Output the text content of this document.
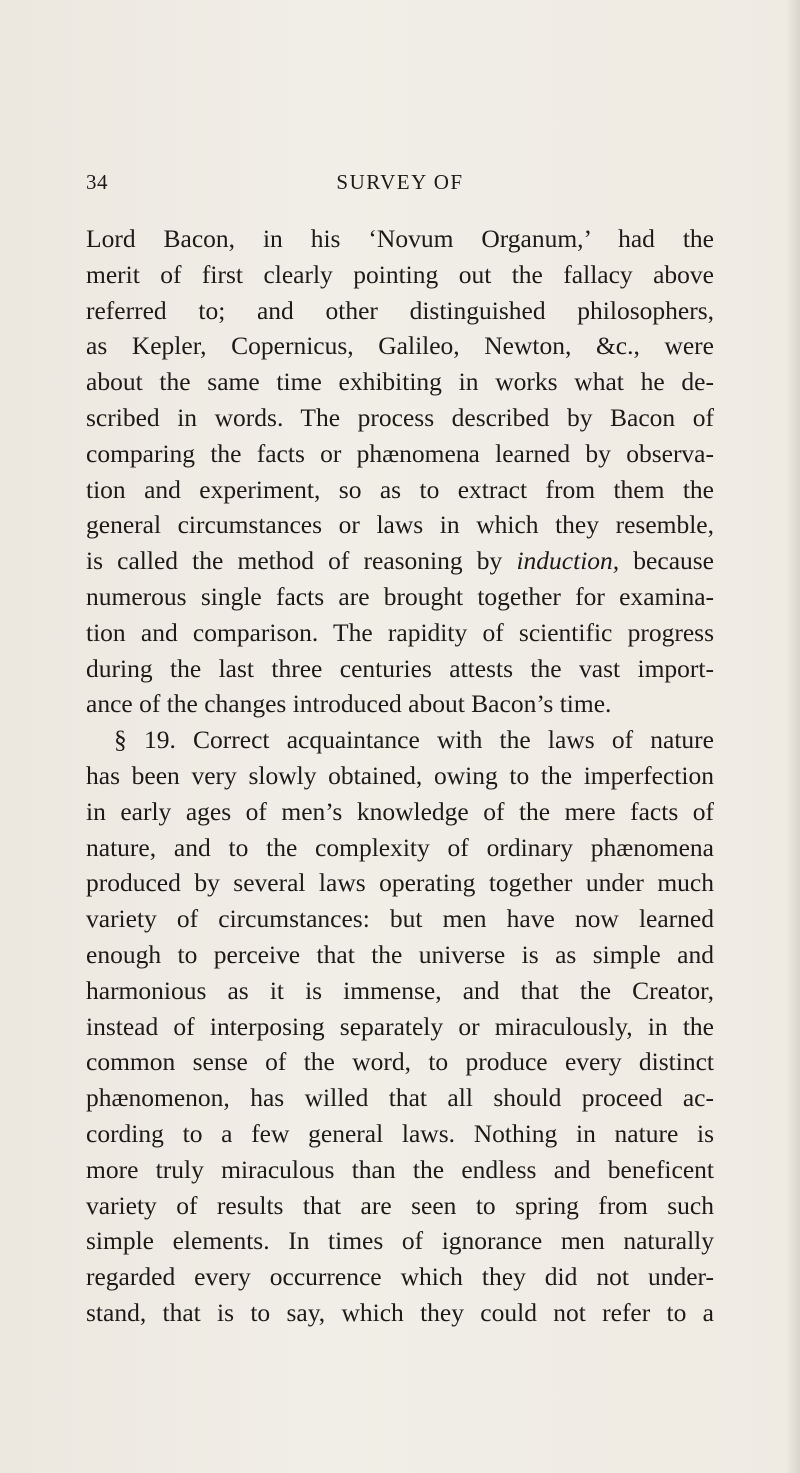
34	SURVEY OF
Lord Bacon, in his ‘Novum Organum,’ had the
merit of first clearly pointing out the fallacy above
referred to; and other distinguished philosophers,
as Kepler, Copernicus, Galileo, Newton, &c., were
about the same time exhibiting in works what he de-
scribed in words. The process described by Bacon of
comparing the facts or phænomena learned by observa-
tion and experiment, so as to extract from them the
general circumstances or laws in which they resemble,
is called the method of reasoning by induction, because
numerous single facts are brought together for examina-
tion and comparison. The rapidity of scientific progress
during the last three centuries attests the vast import-
ance of the changes introduced about Bacon’s time.
§ 19. Correct acquaintance with the laws of nature
has been very slowly obtained, owing to the imperfection
in early ages of men’s knowledge of the mere facts of
nature, and to the complexity of ordinary phænomena
produced by several laws operating together under much
variety of circumstances: but men have now learned
enough to perceive that the universe is as simple and
harmonious as it is immense, and that the Creator,
instead of interposing separately or miraculously, in the
common sense of the word, to produce every distinct
phænomenon, has willed that all should proceed ac-
cording to a few general laws. Nothing in nature is
more truly miraculous than the endless and beneficent
variety of results that are seen to spring from such
simple elements. In times of ignorance men naturally
regarded every occurrence which they did not under-
stand, that is to say, which they could not refer to a
